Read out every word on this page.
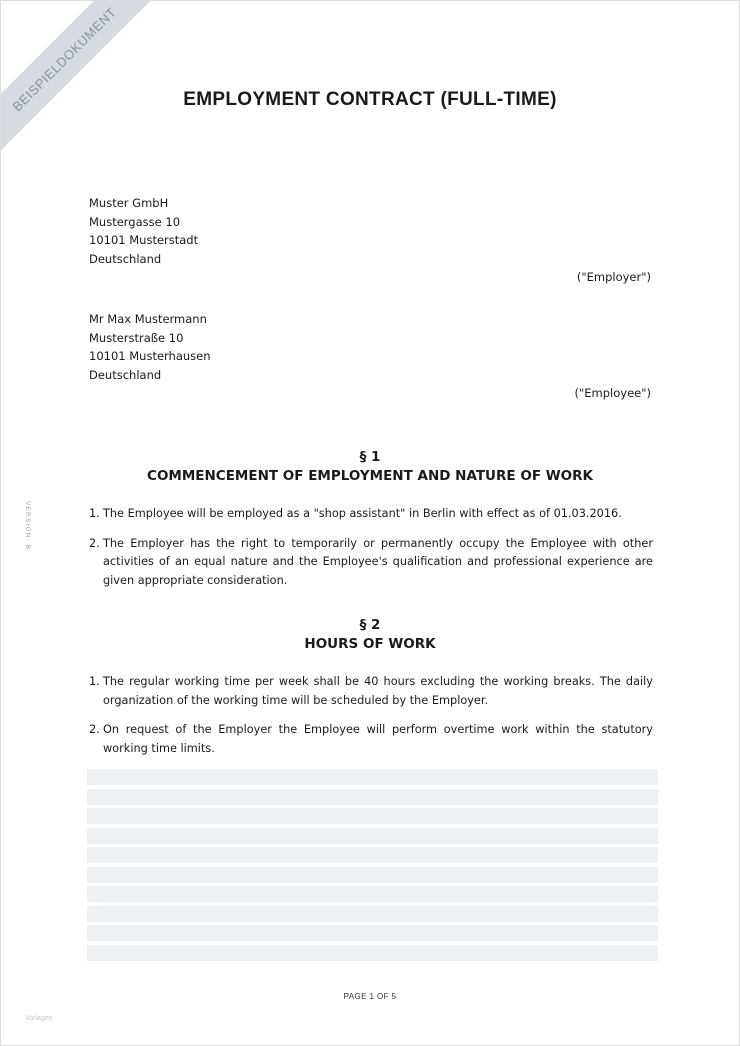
BEISPIELDOKUMENT	EMPLOYMENT CONTRACT (FULL-TIME)
Muster GmbH
Mustergasse 10
10101 Musterstadt
Deutschland
("Employer")
Mr Max Mustermann
Musterstraße 10
10101 Musterhausen
Deutschland
("Employee")
VERSION: B
§ 1
COMMENCEMENT OF EMPLOYMENT AND NATURE OF WORK
1. The Employee will be employed as a "shop assistant" in Berlin with effect as of 01.03.2016.
2. The Employer has the right to temporarily or permanently occupy the Employee with other activities of an equal nature and the Employee's qualification and professional experience are given appropriate consideration.
§ 2
HOURS OF WORK
1. The regular working time per week shall be 40 hours excluding the working breaks. The daily organization of the working time will be scheduled by the Employer.
2. On request of the Employer the Employee will perform overtime work within the statutory working time limits.
PAGE 1 OF 5
Vorlagen
